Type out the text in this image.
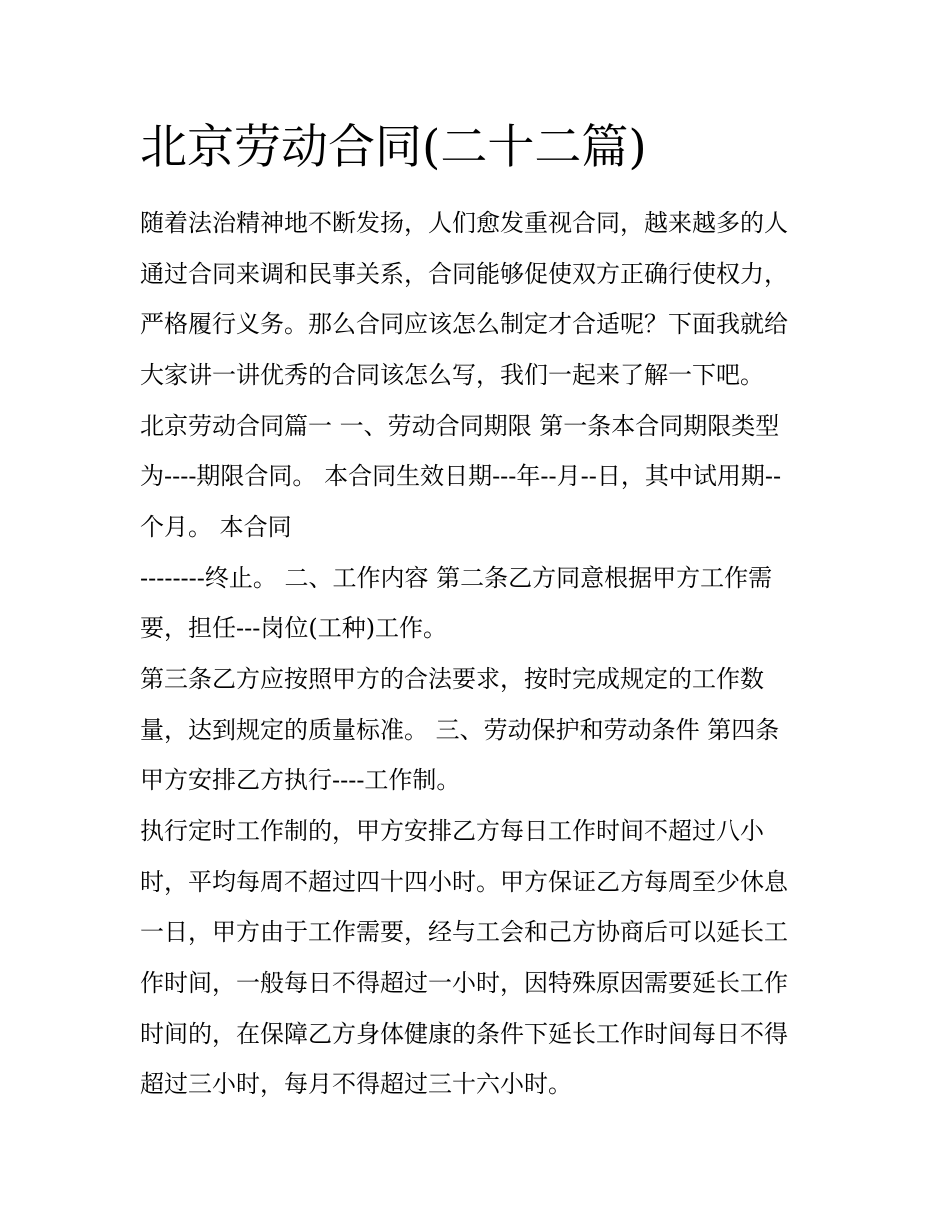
北京劳动合同(二十二篇)

随着法治精神地不断发扬，人们愈发重视合同，越来越多的人

通过合同来调和民事关系，合同能够促使双方正确行使权力，

严格履行义务。那么合同应该怎么制定才合适呢？下面我就给

大家讲一讲优秀的合同该怎么写，我们一起来了解一下吧。

北京劳动合同篇一 一、劳动合同期限 第一条本合同期限类型

为----期限合同。 本合同生效日期---年--月--日，其中试用期--

个月。 本合同

--------终止。 二、工作内容 第二条乙方同意根据甲方工作需

要，担任---岗位(工种)工作。

第三条乙方应按照甲方的合法要求，按时完成规定的工作数

量，达到规定的质量标准。 三、劳动保护和劳动条件 第四条

甲方安排乙方执行----工作制。

执行定时工作制的，甲方安排乙方每日工作时间不超过八小

时，平均每周不超过四十四小时。甲方保证乙方每周至少休息

一日，甲方由于工作需要，经与工会和己方协商后可以延长工

作时间，一般每日不得超过一小时，因特殊原因需要延长工作

时间的，在保障乙方身体健康的条件下延长工作时间每日不得

超过三小时，每月不得超过三十六小时。
